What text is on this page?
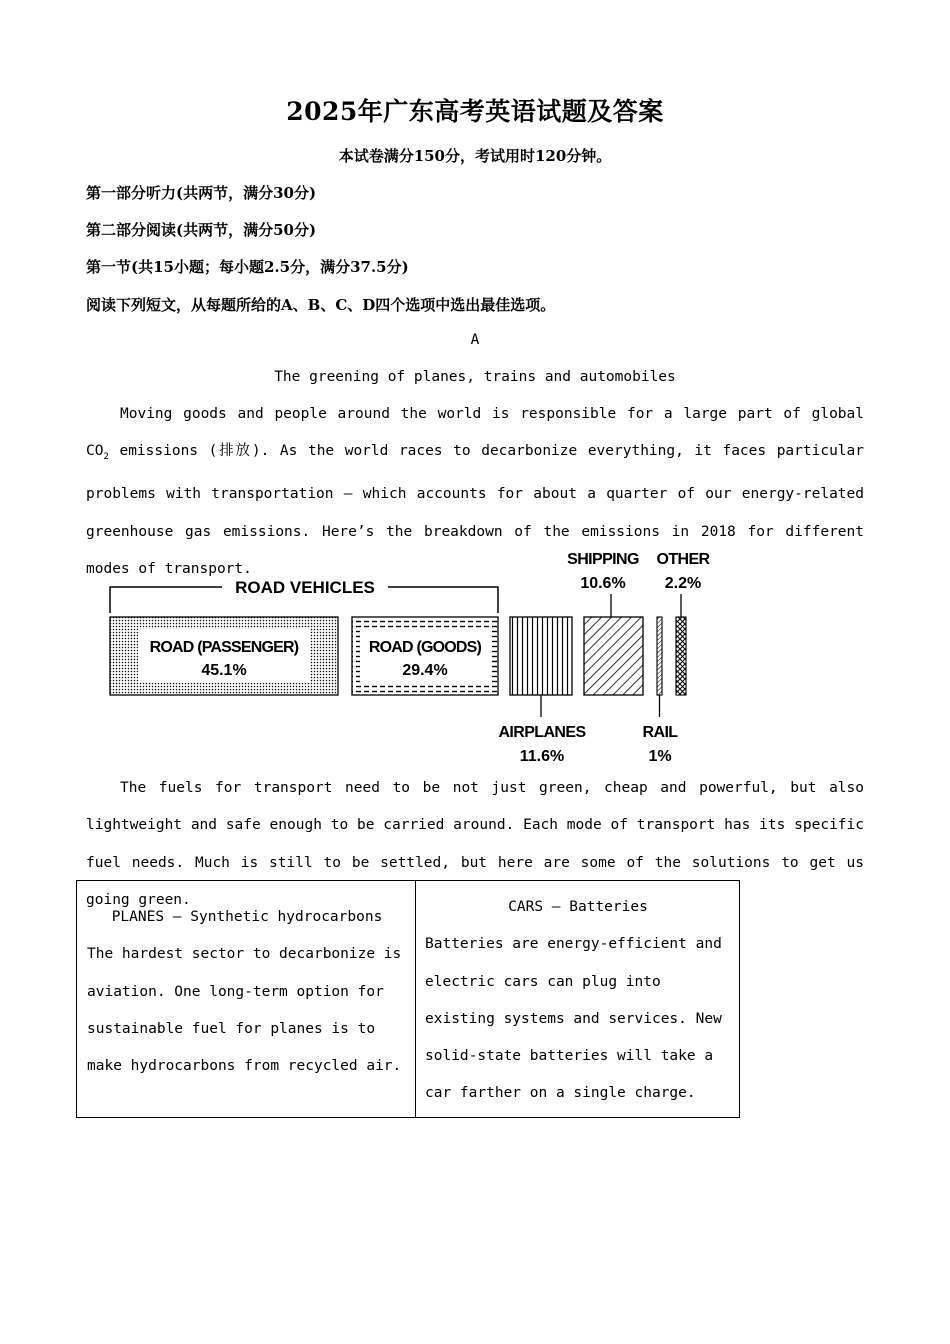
2025年广东高考英语试题及答案
本试卷满分150分，考试用时120分钟。
第一部分听力(共两节，满分30分)
第二部分阅读(共两节，满分50分)
第一节(共15小题；每小题2.5分，满分37.5分)
阅读下列短文，从每题所给的A、B、C、D四个选项中选出最佳选项。
A
The greening of planes, trains and automobiles

Moving goods and people around the world is responsible for a large part of global $CO_2$ emissions (排放). As the world races to decarbonize everything, it faces particular problems with transportation — which accounts for about a quarter of our energy-related greenhouse gas emissions. Here’s the breakdown of the emissions in 2018 for different modes of transport.

ROAD VEHICLES
ROAD (PASSENGER)
45.1%
ROAD (GOODS)
29.4%
AIRPLANES
11.6%
SHIPPING
10.6%
RAIL
1%
OTHER
2.2%

The fuels for transport need to be not just green, cheap and powerful, but also lightweight and safe enough to be carried around. Each mode of transport has its specific fuel needs. Much is still to be settled, but here are some of the solutions to get us going green.

PLANES — Synthetic hydrocarbons
The hardest sector to decarbonize is aviation. One long-term option for sustainable fuel for planes is to make hydrocarbons from recycled air.
CARS — Batteries
Batteries are energy-efficient and electric cars can plug into existing systems and services. New solid-state batteries will take a car farther on a single charge.
